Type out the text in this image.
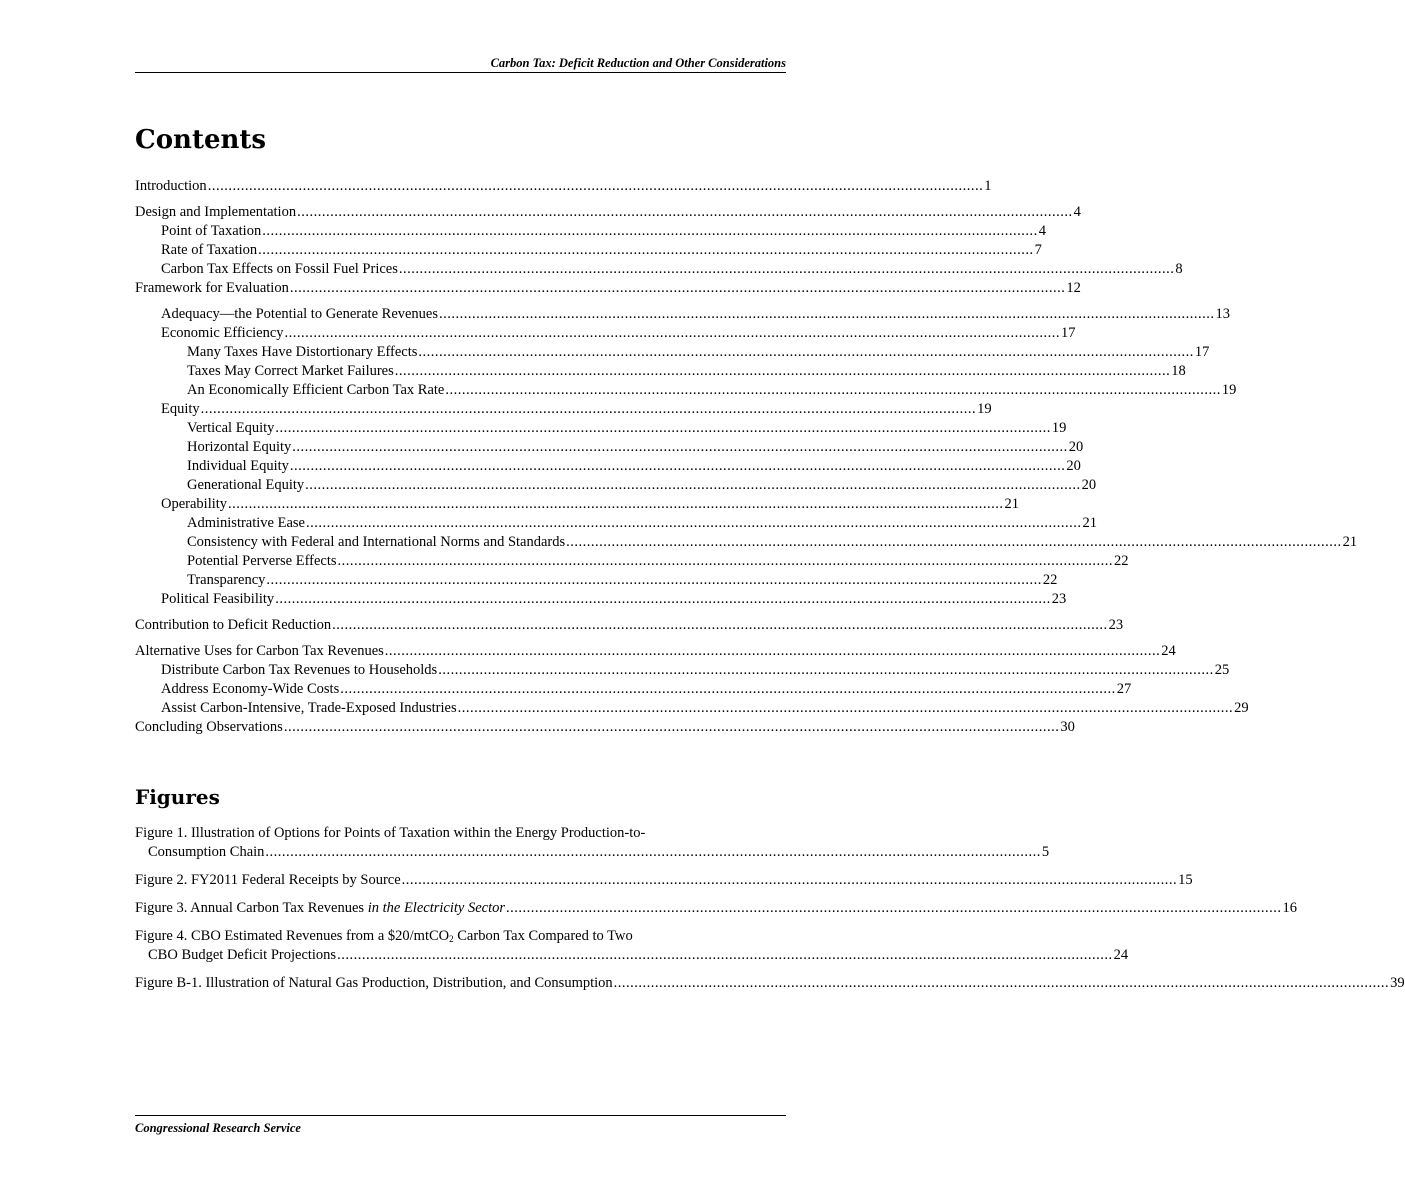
Carbon Tax: Deficit Reduction and Other Considerations
Contents
Introduction ............................................................................................................................................................................................ 1
Design and Implementation ............................................................................................................................................................................................ 4
Point of Taxation ............................................................................................................................................................................................ 4
Rate of Taxation ............................................................................................................................................................................................ 7
Carbon Tax Effects on Fossil Fuel Prices ............................................................................................................................................................................................ 8
Framework for Evaluation ............................................................................................................................................................................................ 12
Adequacy—the Potential to Generate Revenues ............................................................................................................................................................................................ 13
Economic Efficiency ............................................................................................................................................................................................ 17
Many Taxes Have Distortionary Effects ............................................................................................................................................................................................ 17
Taxes May Correct Market Failures ............................................................................................................................................................................................ 18
An Economically Efficient Carbon Tax Rate ............................................................................................................................................................................................ 19
Equity ............................................................................................................................................................................................ 19
Vertical Equity ............................................................................................................................................................................................ 19
Horizontal Equity ............................................................................................................................................................................................ 20
Individual Equity ............................................................................................................................................................................................ 20
Generational Equity ............................................................................................................................................................................................ 20
Operability ............................................................................................................................................................................................ 21
Administrative Ease ............................................................................................................................................................................................ 21
Consistency with Federal and International Norms and Standards ............................................................................................................................................................................................ 21
Potential Perverse Effects ............................................................................................................................................................................................ 22
Transparency ............................................................................................................................................................................................ 22
Political Feasibility ............................................................................................................................................................................................ 23
Contribution to Deficit Reduction ............................................................................................................................................................................................ 23
Alternative Uses for Carbon Tax Revenues ............................................................................................................................................................................................ 24
Distribute Carbon Tax Revenues to Households ............................................................................................................................................................................................ 25
Address Economy-Wide Costs ............................................................................................................................................................................................ 27
Assist Carbon-Intensive, Trade-Exposed Industries ............................................................................................................................................................................................ 29
Concluding Observations ............................................................................................................................................................................................ 30
Figures
Figure 1. Illustration of Options for Points of Taxation within the Energy Production-to-
Consumption Chain ............................................................................................................................................................................................ 5
Figure 2. FY2011 Federal Receipts by Source ............................................................................................................................................................................................ 15
Figure 3. Annual Carbon Tax Revenues in the Electricity Sector ............................................................................................................................................................................................ 16
Figure 4. CBO Estimated Revenues from a $20/mtCO$_2$ Carbon Tax Compared to Two
CBO Budget Deficit Projections ............................................................................................................................................................................................ 24
Figure B-1. Illustration of Natural Gas Production, Distribution, and Consumption ............................................................................................................................................................................................ 39
Congressional Research Service
